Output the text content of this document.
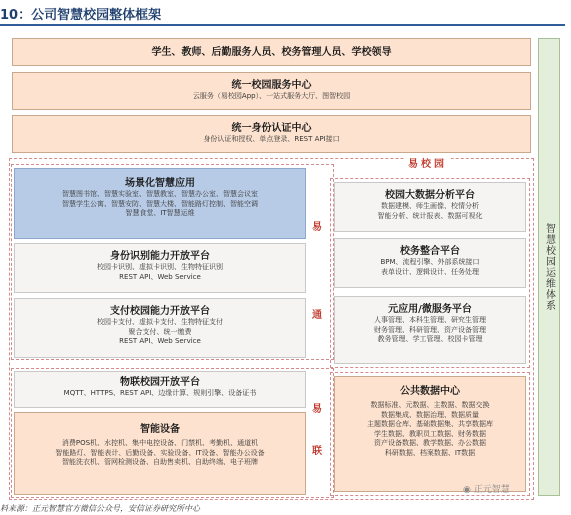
10：公司智慧校园整体框架
学生、教师、后勤服务人员、校务管理人员、学校领导
统一校园服务中心
云服务（易校园App）、一站式服务大厅、图智校园
统一身份认证中心
身份认证和授权、单点登录、REST API接口
易校园
场景化智慧应用
智慧图书馆、智慧实验室、智慧教室、智慧办公室、智慧会议室
智慧学生公寓、智慧安防、智慧大楼、智能路灯控制、智能空调
智慧食堂、IT智慧运维
身份识别能力开放平台
校园卡识别、虚拟卡识别、生物特征识别
REST API、Web Service
支付校园能力开放平台
校园卡支付、虚拟卡支付、生物特征支付
聚合支付、统一缴费
REST API、Web Service
物联校园开放平台
MQTT、HTTPS、REST API、边缘计算、规则引擎、设备证书
智能设备
消费POS机、水控机、集中电控设备、门禁机、考勤机、通道机
智能路灯、智能表计、后勤设备、实验设备、IT设备、智能办公设备
智能洗衣机、管网检测设备、自助售卖机、自助终端、电子班牌
易
通
易
联
校园大数据分析平台
数据建模、师生画像、校情分析
智能分析、统计报表、数据可视化
校务整合平台
BPM、流程引擎、外部系统接口
表单设计、逻辑设计、任务处理
元应用/微服务平台
人事管理、本科生管理、研究生管理
财务管理、科研管理、资产设备管理
教务管理、学工管理、校园卡管理
公共数据中心
数据标准、元数据、主数据、数据交换
数据集成、数据治理、数据质量
主题数据仓库、基础数据集、共享数据库
学生数据、教职员工数据、财务数据
资产设备数据、教学数据、办公数据
科研数据、档案数据、IT数据
智慧校园运维体系
◉ 正元智慧
料来源：正元智慧官方微信公众号，安信证券研究所中心
